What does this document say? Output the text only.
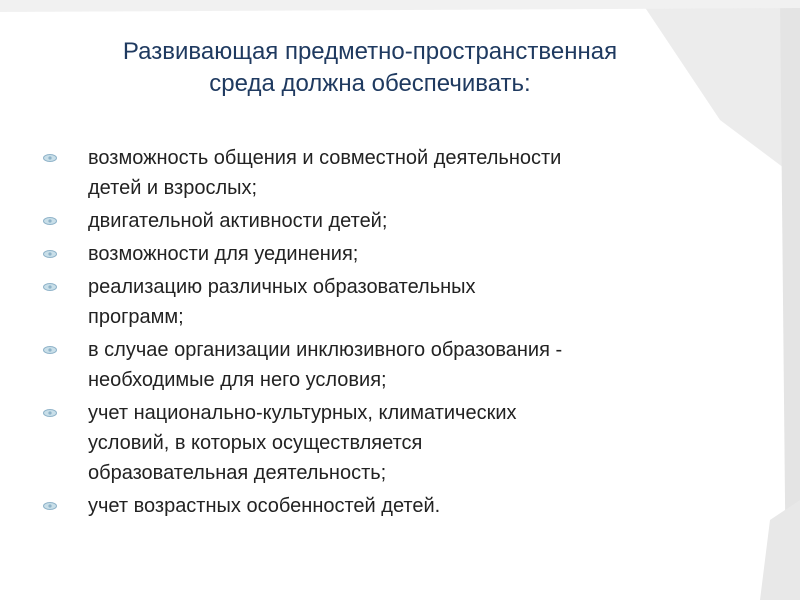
Развивающая предметно-пространственная
среда должна обеспечивать:
возможность общения и совместной деятельности
детей и взрослых;
двигательной активности детей;
возможности для уединения;
реализацию различных образовательных
программ;
в случае организации инклюзивного образования -
необходимые для него условия;
учет национально-культурных, климатических
условий, в которых осуществляется
образовательная деятельность;
учет возрастных особенностей детей.
